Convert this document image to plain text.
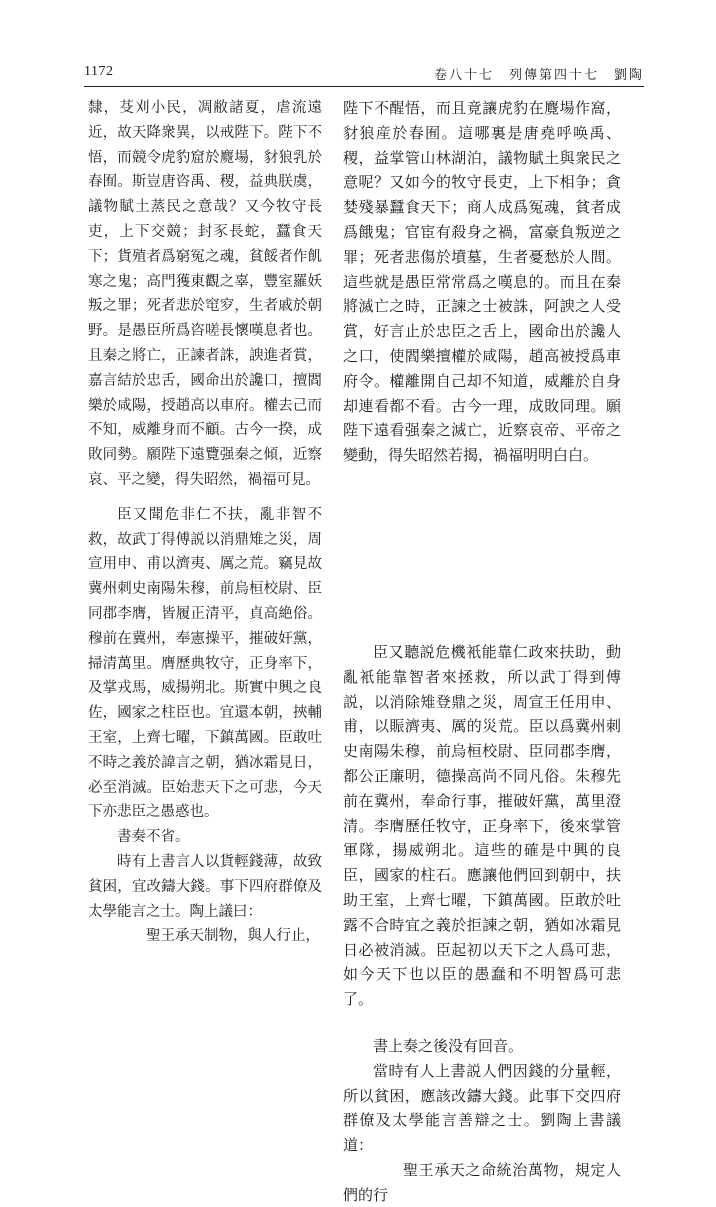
1172	卷八十七　列傳第四十七　劉陶

隸，芟刈小民，凋敝諸夏，虐流遠近，故天降衆異，以戒陛下。陛下不悟，而競令虎豹窟於麑場，豺狼乳於春囿。斯豈唐咨禹、稷，益典朕虞，議物賦土蒸民之意哉？又今牧守長吏，上下交競；封豕長蛇，蠶食天下；貨殖者爲窮冤之魂，貧餒者作飢寒之鬼；高門獲東觀之辜，豐室羅妖叛之罪；死者悲於窀穸，生者戚於朝野。是愚臣所爲咨嗟長懷嘆息者也。且秦之將亡，正諫者誅，諛進者賞，嘉言結於忠舌，國命出於讒口，擅閻樂於咸陽，授趙高以車府。權去己而不知，威離身而不顧。古今一揆，成敗同勢。願陛下遠覽强秦之傾，近察哀、平之變，得失昭然，禍福可見。

臣又聞危非仁不扶，亂非智不救，故武丁得傅説以消鼎雉之災，周宣用申、甫以濟夷、厲之荒。竊見故冀州刺史南陽朱穆，前烏桓校尉、臣同郡李膺，皆履正清平，貞高絶俗。穆前在冀州，奉憲操平，摧破奸黨，掃清萬里。膺歷典牧守，正身率下，及掌戎馬，威揚朔北。斯實中興之良佐，國家之柱臣也。宜還本朝，挾輔王室，上齊七曜，下鎮萬國。臣敢吐不時之義於諱言之朝，猶冰霜見日，必至消滅。臣始悲天下之可悲，今天下亦悲臣之愚惑也。

書奏不省。

時有上書言人以貨輕錢薄，故致貧困，宜改鑄大錢。事下四府群僚及太學能言之士。陶上議曰：

聖王承天制物，與人行止，

陛下不醒悟，而且竟讓虎豹在麑場作窩，豺狼産於春囿。這哪裏是唐堯呼唤禹、稷，益掌管山林湖泊，議物賦土與衆民之意呢？又如今的牧守長吏，上下相争；貪婪殘暴蠶食天下；商人成爲冤魂，貧者成爲餓鬼；官宦有殺身之禍，富豪負叛逆之罪；死者悲傷於墳墓，生者憂愁於人間。這些就是愚臣常常爲之嘆息的。而且在秦將滅亡之時，正諫之士被誅，阿諛之人受賞，好言止於忠臣之舌上，國命出於讒人之口，使閻樂擅權於咸陽，趙高被授爲車府令。權離開自己却不知道，威離於自身却連看都不看。古今一理，成敗同理。願陛下遠看强秦之滅亡，近察哀帝、平帝之變動，得失昭然若揭，禍福明明白白。

臣又聽説危機衹能靠仁政來扶助，動亂衹能靠智者來拯救，所以武丁得到傅説，以消除雉登鼎之災，周宣王任用申、甫，以賑濟夷、厲的災荒。臣以爲冀州刺史南陽朱穆，前烏桓校尉、臣同郡李膺，都公正廉明，德操高尚不同凡俗。朱穆先前在冀州，奉命行事，摧破奸黨，萬里澄清。李膺歷任牧守，正身率下，後來掌管軍隊，揚威朔北。這些的確是中興的良臣，國家的柱石。應讓他們回到朝中，扶助王室，上齊七曜，下鎮萬國。臣敢於吐露不合時宜之義於拒諫之朝，猶如冰霜見日必被消滅。臣起初以天下之人爲可悲，如今天下也以臣的愚蠢和不明智爲可悲了。

書上奏之後没有回音。

當時有人上書説人們因錢的分量輕，所以貧困，應該改鑄大錢。此事下交四府群僚及太學能言善辯之士。劉陶上書議道：

聖王承天之命統治萬物，規定人們的行
